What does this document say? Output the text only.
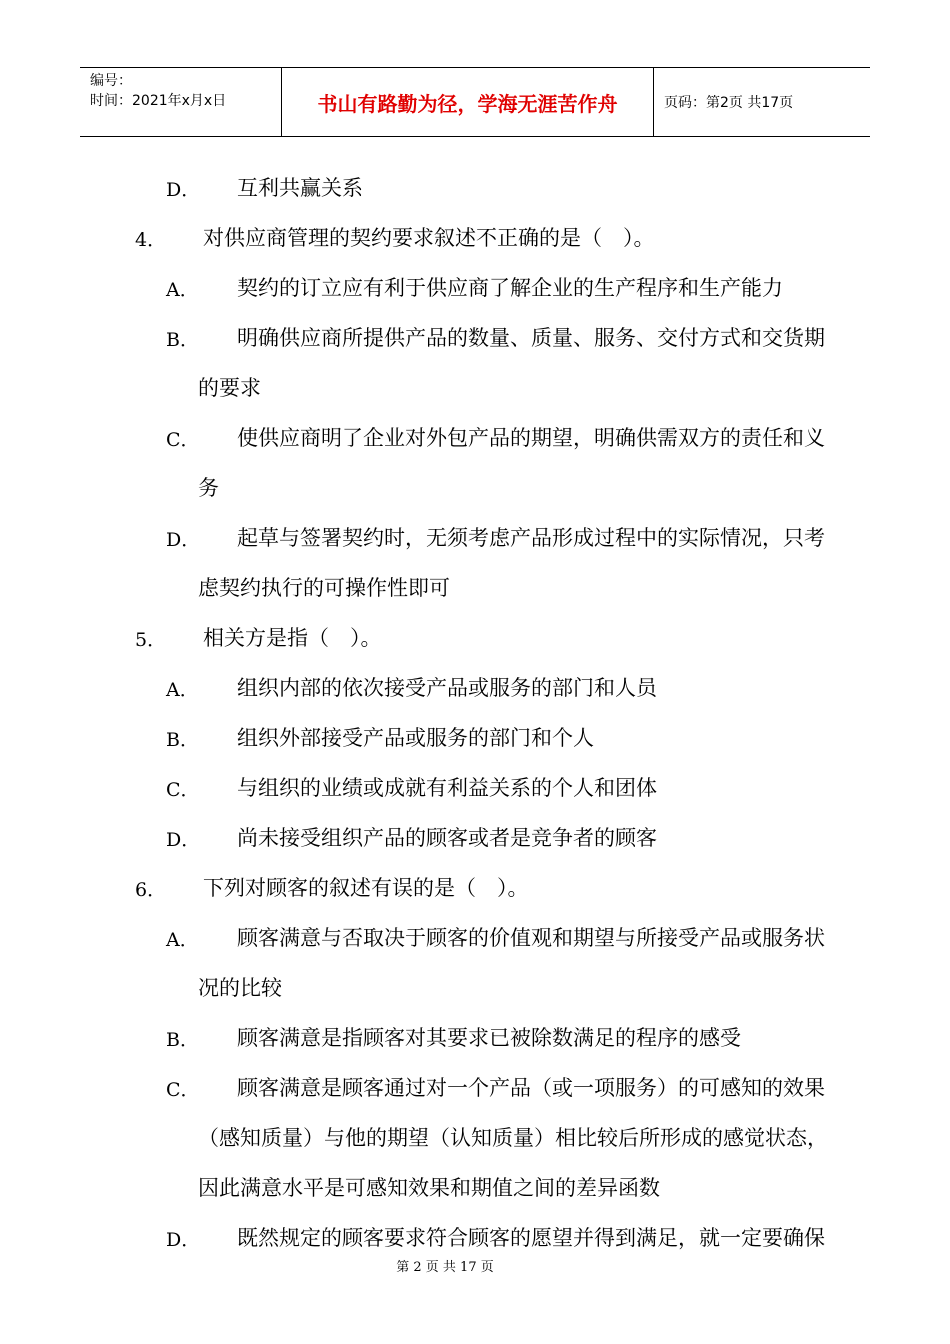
编号：
时间：2021年x月x日	书山有路勤为径，学海无涯苦作舟	页码：第2页 共17页
D． 互利共赢关系
4． 对供应商管理的契约要求叙述不正确的是（　）。
A． 契约的订立应有利于供应商了解企业的生产程序和生产能力
B． 明确供应商所提供产品的数量、质量、服务、交付方式和交货期
的要求
C． 使供应商明了企业对外包产品的期望，明确供需双方的责任和义
务
D． 起草与签署契约时，无须考虑产品形成过程中的实际情况，只考
虑契约执行的可操作性即可
5． 相关方是指（　）。
A． 组织内部的依次接受产品或服务的部门和人员
B． 组织外部接受产品或服务的部门和个人
C． 与组织的业绩或成就有利益关系的个人和团体
D． 尚未接受组织产品的顾客或者是竞争者的顾客
6． 下列对顾客的叙述有误的是（　）。
A． 顾客满意与否取决于顾客的价值观和期望与所接受产品或服务状
况的比较
B． 顾客满意是指顾客对其要求已被除数满足的程序的感受
C． 顾客满意是顾客通过对一个产品（或一项服务）的可感知的效果
（感知质量）与他的期望（认知质量）相比较后所形成的感觉状态，
因此满意水平是可感知效果和期值之间的差异函数
D． 既然规定的顾客要求符合顾客的愿望并得到满足，就一定要确保
第 2 页 共 17 页
